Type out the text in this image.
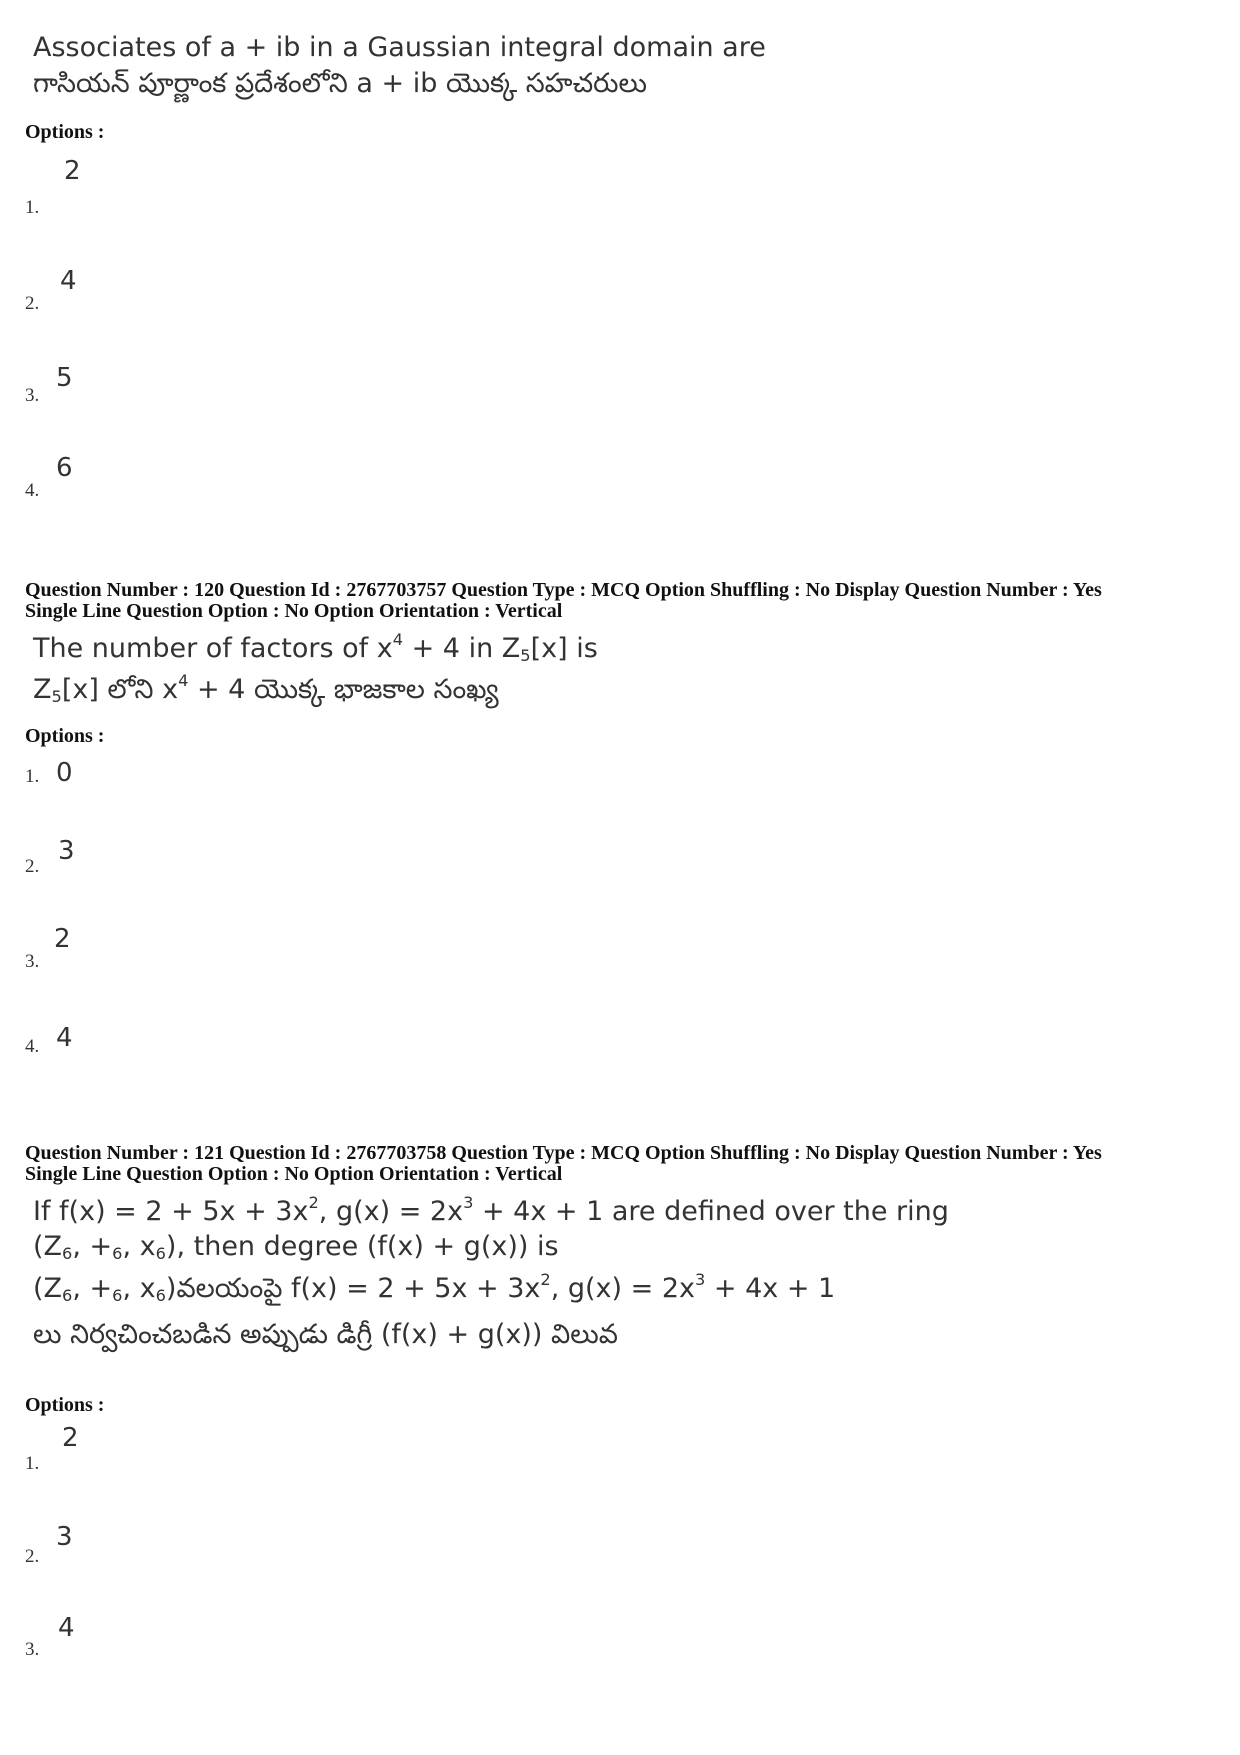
Associates of a + ib in a Gaussian integral domain are
గాసియన్ పూర్ణాంక ప్రదేశంలోని a + ib యొక్క సహచరులు
Options :
1.
2
2.
4
3.
5
4.
6
Question Number : 120 Question Id : 2767703757 Question Type : MCQ Option Shuffling : No Display Question Number : Yes
Single Line Question Option : No Option Orientation : Vertical
The number of factors of $x^4 + 4$ in $Z_5[x]$ is
$Z_5[x]$ లోని $x^4 + 4$ యొక్క భాజకాల సంఖ్య
Options :
1. 0
2.
3
3.
2
4. 4
Question Number : 121 Question Id : 2767703758 Question Type : MCQ Option Shuffling : No Display Question Number : Yes
Single Line Question Option : No Option Orientation : Vertical
If $f(x) = 2 + 5x + 3x^2$, $g(x) = 2x^3 + 4x + 1$ are defined over the ring
($Z_6$, $+_6$, $x_6$), then degree (f(x) + g(x)) is
($Z_6$, $+_6$, $x_6)వలయంపై$ $f(x) = 2 + 5x + 3x^2$, $g(x) = 2x^3 + 4x + 1$
లు నిర్వచించబడిన అప్పుడు డిగ్రీ (f(x) + g(x)) విలువ
Options :
1.
2
2.
3
3.
4
